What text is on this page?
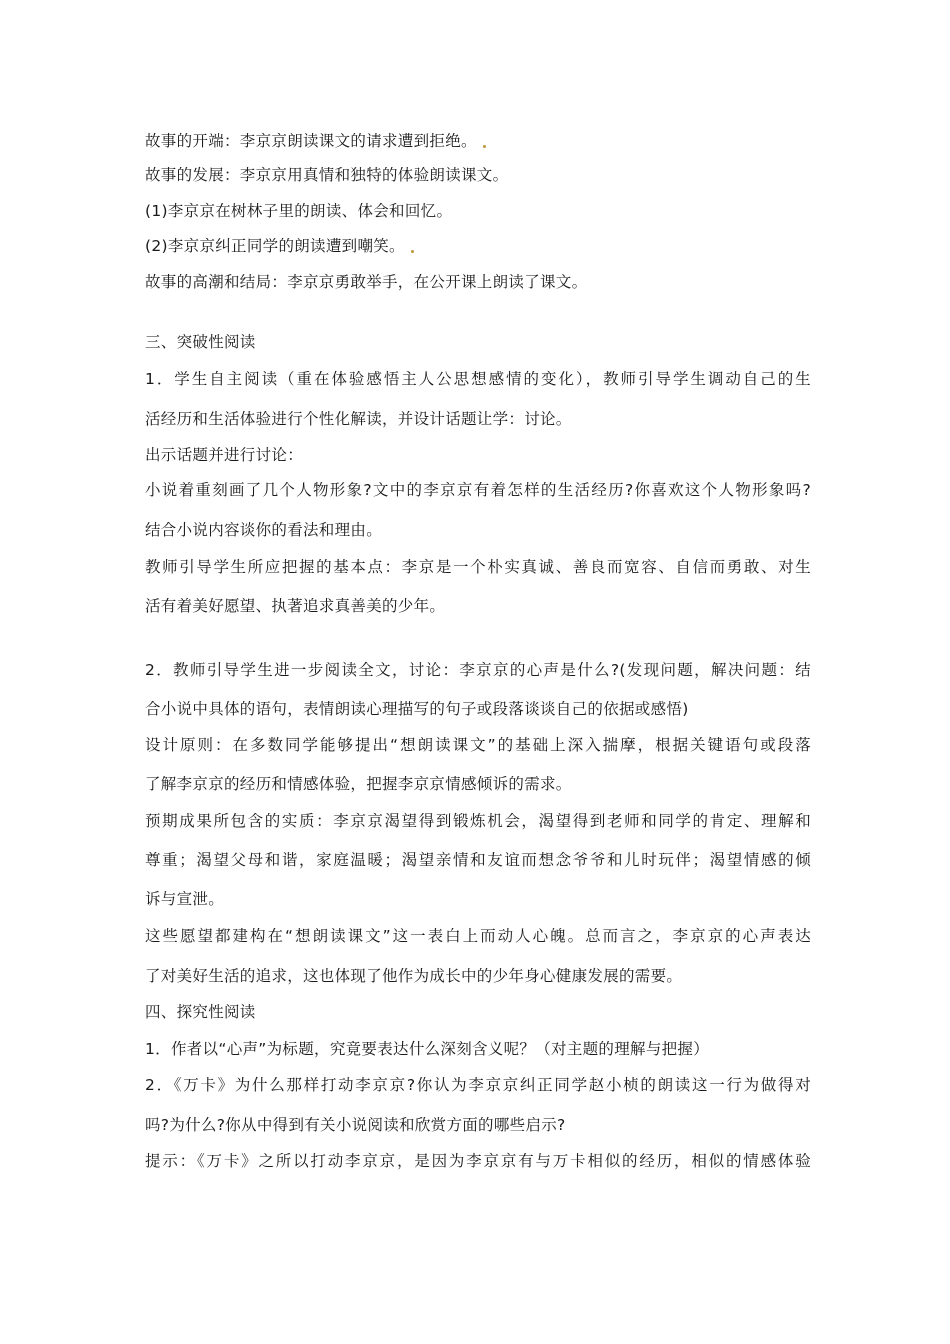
故事的开端：李京京朗读课文的请求遭到拒绝。
故事的发展：李京京用真情和独特的体验朗读课文。
(1)李京京在树林子里的朗读、体会和回忆。
(2)李京京纠正同学的朗读遭到嘲笑。
故事的高潮和结局：李京京勇敢举手，在公开课上朗读了课文。
三、突破性阅读
1．学生自主阅读（重在体验感悟主人公思想感情的变化），教师引导学生调动自己的生
活经历和生活体验进行个性化解读，并设计话题让学：讨论。
出示话题并进行讨论：
小说着重刻画了几个人物形象?文中的李京京有着怎样的生活经历?你喜欢这个人物形象吗?
结合小说内容谈你的看法和理由。
教师引导学生所应把握的基本点：李京是一个朴实真诚、善良而宽容、自信而勇敢、对生
活有着美好愿望、执著追求真善美的少年。
2．教师引导学生进一步阅读全文，讨论：李京京的心声是什么?(发现问题，解决问题：结
合小说中具体的语句，表情朗读心理描写的句子或段落谈谈自己的依据或感悟)
设计原则：在多数同学能够提出“想朗读课文”的基础上深入揣摩，根据关键语句或段落
了解李京京的经历和情感体验，把握李京京情感倾诉的需求。
预期成果所包含的实质：李京京渴望得到锻炼机会，渴望得到老师和同学的肯定、理解和
尊重；渴望父母和谐，家庭温暖；渴望亲情和友谊而想念爷爷和儿时玩伴；渴望情感的倾
诉与宣泄。
这些愿望都建构在“想朗读课文”这一表白上而动人心魄。总而言之，李京京的心声表达
了对美好生活的追求，这也体现了他作为成长中的少年身心健康发展的需要。
四、探究性阅读
1．作者以“心声”为标题，究竟要表达什么深刻含义呢？（对主题的理解与把握）
2．《万卡》为什么那样打动李京京?你认为李京京纠正同学赵小桢的朗读这一行为做得对
吗?为什么?你从中得到有关小说阅读和欣赏方面的哪些启示?
提示：《万卡》之所以打动李京京，是因为李京京有与万卡相似的经历，相似的情感体验
